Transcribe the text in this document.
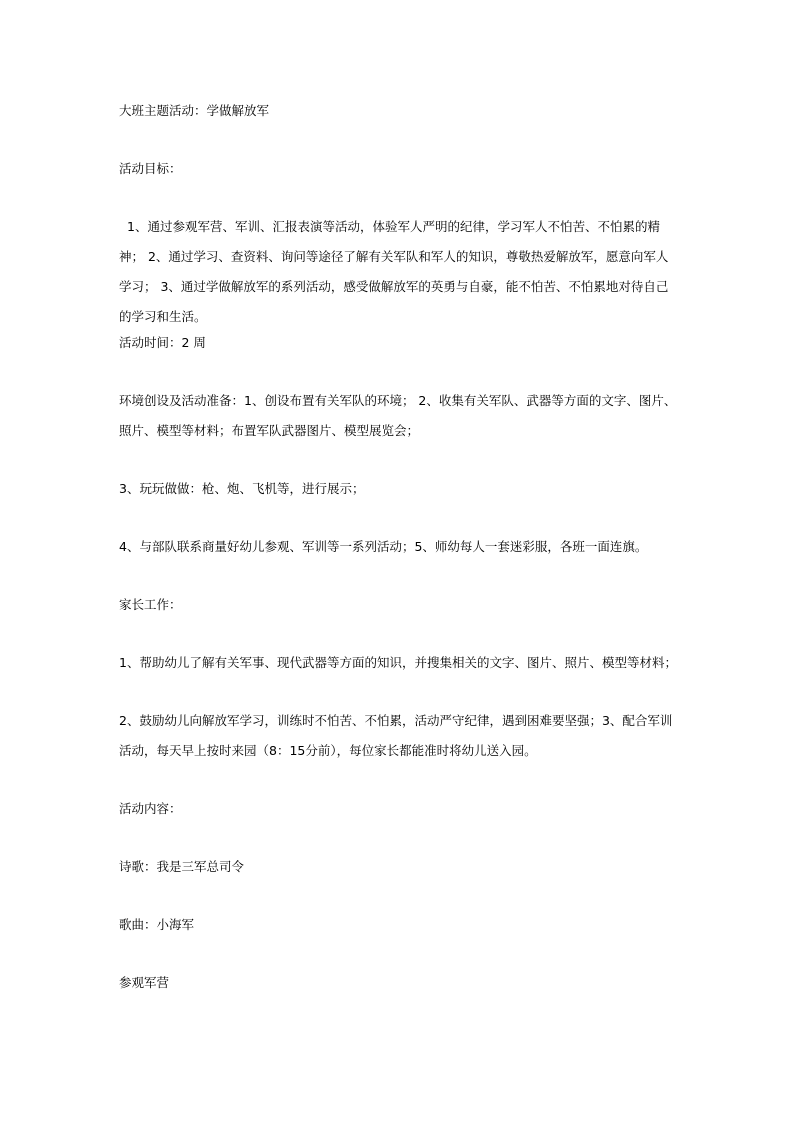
大班主题活动：学做解放军

活动目标：

1、通过参观军营、军训、汇报表演等活动，体验军人严明的纪律，学习军人不怕苦、不怕累的精神； 2、通过学习、查资料、询问等途径了解有关军队和军人的知识，尊敬热爱解放军，愿意向军人学习； 3、通过学做解放军的系列活动，感受做解放军的英勇与自豪，能不怕苦、不怕累地对待自己的学习和生活。

活动时间：2 周

环境创设及活动准备：1、创设布置有关军队的环境； 2、收集有关军队、武器等方面的文字、图片、照片、模型等材料；布置军队武器图片、模型展览会；

3、玩玩做做：枪、炮、飞机等，进行展示；

4、与部队联系商量好幼儿参观、军训等一系列活动；5、师幼每人一套迷彩服，各班一面连旗。

家长工作：

1、帮助幼儿了解有关军事、现代武器等方面的知识，并搜集相关的文字、图片、照片、模型等材料；

2、鼓励幼儿向解放军学习，训练时不怕苦、不怕累，活动严守纪律，遇到困难要坚强；3、配合军训活动，每天早上按时来园（8：15分前），每位家长都能准时将幼儿送入园。

活动内容：

诗歌：我是三军总司令

歌曲：小海军

参观军营
